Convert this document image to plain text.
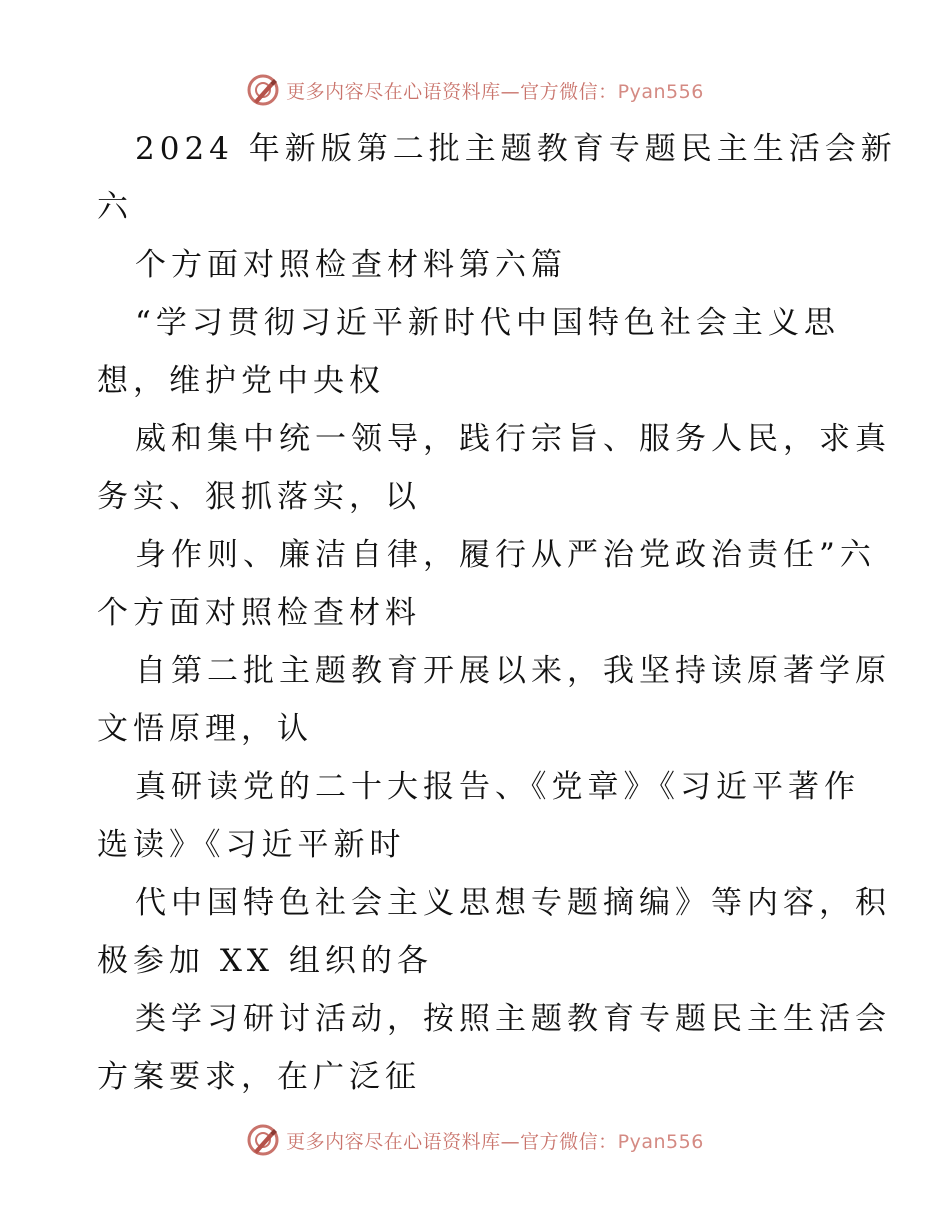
更多内容尽在心语资料库—官方微信：Pyan556
2024 年新版第二批主题教育专题民主生活会新
六
个方面对照检查材料第六篇
“学习贯彻习近平新时代中国特色社会主义思
想，维护党中央权
威和集中统一领导，践行宗旨、服务人民，求真
务实、狠抓落实，以
身作则、廉洁自律，履行从严治党政治责任”六
个方面对照检查材料
自第二批主题教育开展以来，我坚持读原著学原
文悟原理，认
真研读党的二十大报告、《党章》《习近平著作
选读》《习近平新时
代中国特色社会主义思想专题摘编》等内容，积
极参加 XX 组织的各
类学习研讨活动，按照主题教育专题民主生活会
方案要求，在广泛征
更多内容尽在心语资料库—官方微信：Pyan556
